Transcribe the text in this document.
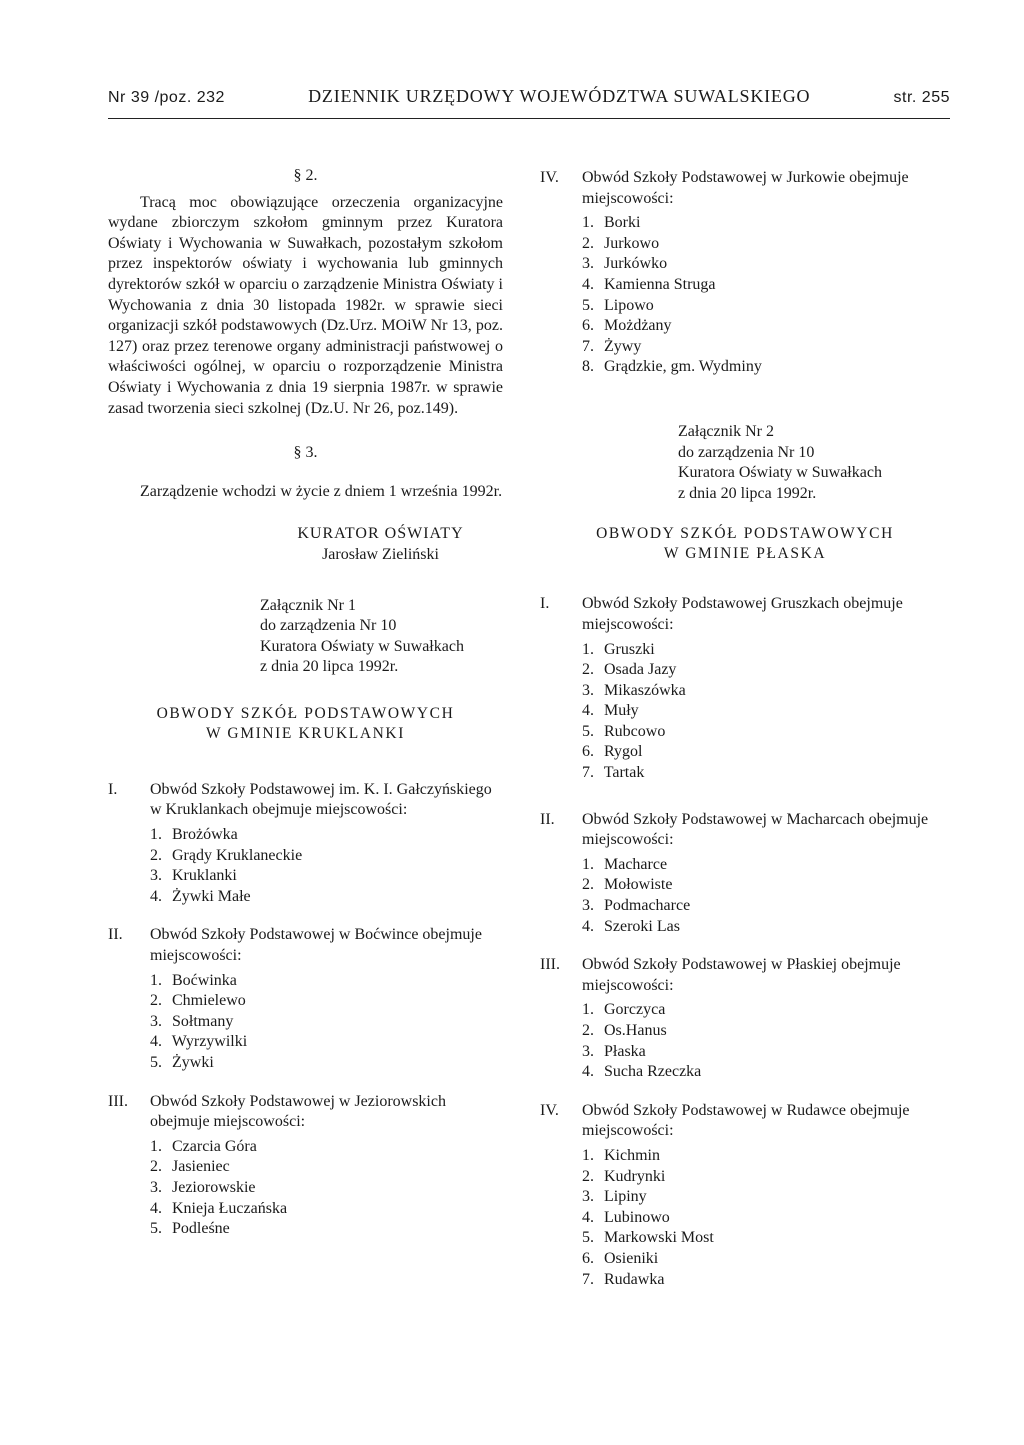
Nr 39 /poz. 232	DZIENNIK URZĘDOWY WOJEWÓDZTWA SUWALSKIEGO	str. 255
§ 2.
Tracą moc obowiązujące orzeczenia organizacyjne wydane zbiorczym szkołom gminnym przez Kuratora Oświaty i Wychowania w Suwałkach, pozostałym szkołom przez inspektorów oświaty i wychowania lub gminnych dyrektorów szkół w oparciu o zarządzenie Ministra Oświaty i Wychowania z dnia 30 listopada 1982r. w sprawie sieci organizacji szkół podstawowych (Dz.Urz. MOiW Nr 13, poz. 127) oraz przez terenowe organy administracji państwowej o właściwości ogólnej, w oparciu o rozporządzenie Ministra Oświaty i Wychowania z dnia 19 sierpnia 1987r. w sprawie zasad tworzenia sieci szkolnej (Dz.U. Nr 26, poz.149).
§ 3.
Zarządzenie wchodzi w życie z dniem 1 września 1992r.
KURATOR OŚWIATY
Jarosław Zieliński
Załącznik Nr 1
do zarządzenia Nr 10
Kuratora Oświaty w Suwałkach
z dnia 20 lipca 1992r.
OBWODY SZKÓŁ PODSTAWOWYCH
W GMINIE KRUKLANKI
I.	Obwód Szkoły Podstawowej im. K. I. Gałczyńskiego w Kruklankach obejmuje miejscowości:
1. Brożówka
2. Grądy Kruklaneckie
3. Kruklanki
4. Żywki Małe
II.	Obwód Szkoły Podstawowej w Boćwince obejmuje miejscowości:
1. Boćwinka
2. Chmielewo
3. Sołtmany
4. Wyrzywilki
5. Żywki
III.	Obwód Szkoły Podstawowej w Jeziorowskich obejmuje miejscowości:
1. Czarcia Góra
2. Jasieniec
3. Jeziorowskie
4. Knieja Łuczańska
5. Podleśne
IV.	Obwód Szkoły Podstawowej w Jurkowie obejmuje miejscowości:
1. Borki
2. Jurkowo
3. Jurkówko
4. Kamienna Struga
5. Lipowo
6. Możdżany
7. Żywy
8. Grądzkie, gm. Wydminy
Załącznik Nr 2
do zarządzenia Nr 10
Kuratora Oświaty w Suwałkach
z dnia 20 lipca 1992r.
OBWODY SZKÓŁ PODSTAWOWYCH
W GMINIE PŁASKA
I.	Obwód Szkoły Podstawowej Gruszkach obejmuje miejscowości:
1. Gruszki
2. Osada Jazy
3. Mikaszówka
4. Muły
5. Rubcowo
6. Rygol
7. Tartak
II.	Obwód Szkoły Podstawowej w Macharcach obejmuje miejscowości:
1. Macharce
2. Mołowiste
3. Podmacharce
4. Szeroki Las
III.	Obwód Szkoły Podstawowej w Płaskiej obejmuje miejscowości:
1. Gorczyca
2. Os.Hanus
3. Płaska
4. Sucha Rzeczka
IV.	Obwód Szkoły Podstawowej w Rudawce obejmuje miejscowości:
1. Kichmin
2. Kudrynki
3. Lipiny
4. Lubinowo
5. Markowski Most
6. Osieniki
7. Rudawka
